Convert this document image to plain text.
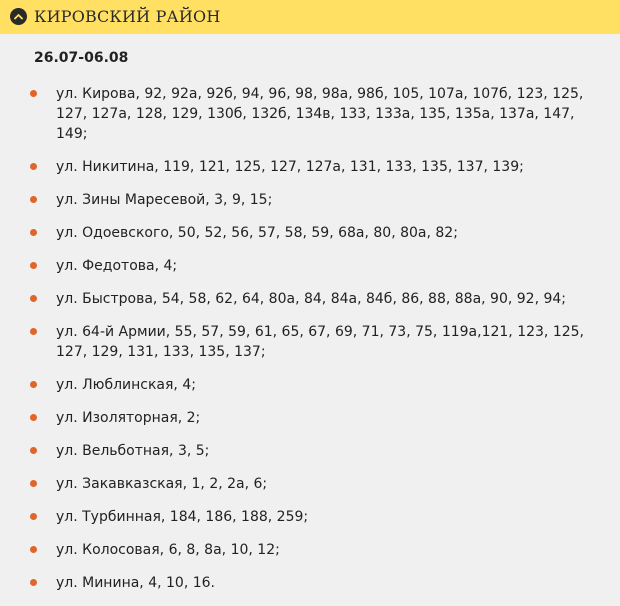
КИРОВСКИЙ РАЙОН
26.07-06.08
ул. Кирова, 92, 92а, 92б, 94, 96, 98, 98а, 98б, 105, 107а, 107б, 123, 125, 127, 127а, 128, 129, 130б, 132б, 134в, 133, 133а, 135, 135а, 137а, 147, 149;
ул. Никитина, 119, 121, 125, 127, 127а, 131, 133, 135, 137, 139;
ул. Зины Маресевой, 3, 9, 15;
ул. Одоевского, 50, 52, 56, 57, 58, 59, 68а, 80, 80а, 82;
ул. Федотова, 4;
ул. Быстрова, 54, 58, 62, 64, 80а, 84, 84а, 84б, 86, 88, 88а, 90, 92, 94;
ул. 64-й Армии, 55, 57, 59, 61, 65, 67, 69, 71, 73, 75, 119а,121, 123, 125, 127, 129, 131, 133, 135, 137;
ул. Люблинская, 4;
ул. Изоляторная, 2;
ул. Вельботная, 3, 5;
ул. Закавказская, 1, 2, 2а, 6;
ул. Турбинная, 184, 186, 188, 259;
ул. Колосовая, 6, 8, 8а, 10, 12;
ул. Минина, 4, 10, 16.
